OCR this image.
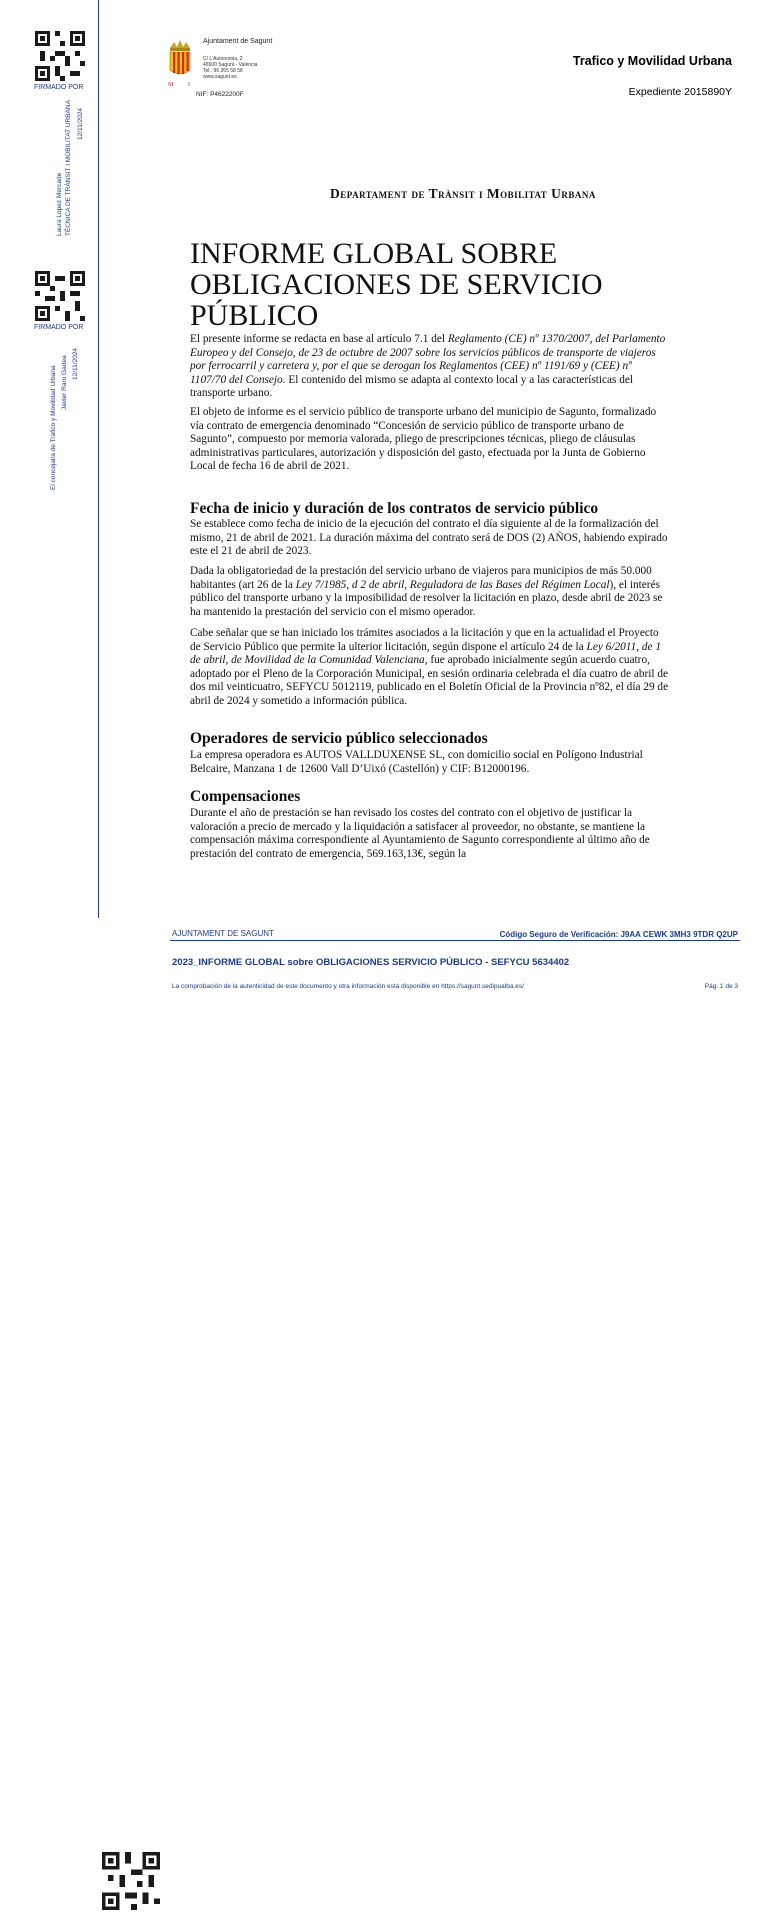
FIRMADO POR
Laura Lopez Mercade TÈCNICA DE TRÀNSIT I MOBILITAT URBANA 12/11/2024
FIRMADO POR
El concejal/a de Trafico y Movilidad Urbana Javier Raro Gadea 12/11/2024
M I
Ajuntament de Sagunt
C/ L'Autonomia, 2
46500 Sagunt - València
Tel.: 96 265 58 58
www.sagunt.es
NIF: P4622200F
Trafico y Movilidad Urbana
Expediente 2015890Y
Departament de Trànsit i Mobilitat Urbana
INFORME GLOBAL SOBRE
OBLIGACIONES DE SERVICIO
PÚBLICO

El presente informe se redacta en base al artículo 7.1 del Reglamento (CE) nº 1370/2007, del Parlamento Europeo y del Consejo, de 23 de octubre de 2007 sobre los servicios públicos de transporte de viajeros por ferrocarril y carretera y, por el que se derogan los Reglamentos (CEE) nº 1191/69 y (CEE) nº 1107/70 del Consejo. El contenido del mismo se adapta al contexto local y a las características del transporte urbano.

El objeto de informe es el servicio público de transporte urbano del municipio de Sagunto, formalizado vía contrato de emergencia denominado “Concesión de servicio público de transporte urbano de Sagunto”, compuesto por memoria valorada, pliego de prescripciones técnicas, pliego de cláusulas administrativas particulares, autorización y disposición del gasto, efectuada por la Junta de Gobierno Local de fecha 16 de abril de 2021.

Fecha de inicio y duración de los contratos de servicio público

Se establece como fecha de inicio de la ejecución del contrato el día siguiente al de la formalización del mismo, 21 de abril de 2021. La duración máxima del contrato será de DOS (2) AÑOS, habiendo expirado este el 21 de abril de 2023.

Dada la obligatoriedad de la prestación del servicio urbano de viajeros para municipios de más 50.000 habitantes (art 26 de la Ley 7/1985, d 2 de abril, Reguladora de las Bases del Régimen Local), el interés público del transporte urbano y la imposibilidad de resolver la licitación en plazo, desde abril de 2023 se ha mantenido la prestación del servicio con el mismo operador.

Cabe señalar que se han iniciado los trámites asociados a la licitación y que en la actualidad el Proyecto de Servicio Público que permite la ulterior licitación, según dispone el artículo 24 de la Ley 6/2011, de 1 de abril, de Movilidad de la Comunidad Valenciana, fue aprobado inicialmente según acuerdo cuatro, adoptado por el Pleno de la Corporación Municipal, en sesión ordinaria celebrada el día cuatro de abril de dos mil veinticuatro, SEFYCU 5012119, publicado en el Boletín Oficial de la Provincia nº82, el día 29 de abril de 2024 y sometido a información pública.

Operadores de servicio público seleccionados

La empresa operadora es AUTOS VALLDUXENSE SL, con domicilio social en Polígono Industrial Belcaire, Manzana 1 de 12600 Vall D’Uixó (Castellón) y CIF: B12000196.

Compensaciones

Durante el año de prestación se han revisado los costes del contrato con el objetivo de justificar la valoración a precio de mercado y la liquidación a satisfacer al proveedor, no obstante, se mantiene la compensación máxima correspondiente al Ayuntamiento de Sagunto correspondiente al último año de prestación del contrato de emergencia, 569.163,13€, según la

AJUNTAMENT DE SAGUNT	Código Seguro de Verificación: J9AA CEWK 3MH3 9TDR Q2UP
2023_INFORME GLOBAL sobre OBLIGACIONES SERVICIO PÚBLICO - SEFYCU 5634402
La comprobación de la autenticidad de este documento y otra información está disponible en https://sagunt.sedipualba.es/	Pág. 1 de 3
